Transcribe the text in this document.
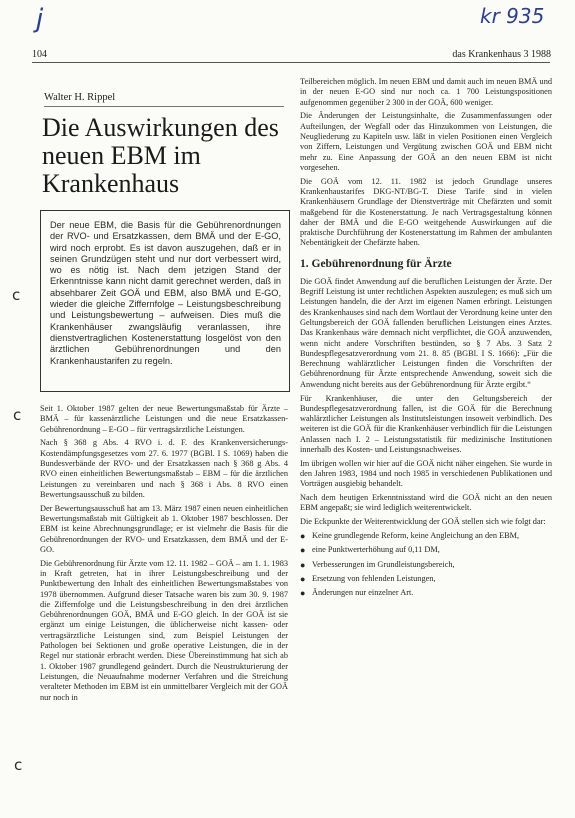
j	kr 935
104	das Krankenhaus 3 1988
Walter H. Rippel
Die Auswirkungen des neuen EBM im Krankenhaus
Der neue EBM, die Basis für die Gebührenordnungen der RVO- und Ersatzkassen, dem BMÄ und der E-GO, wird noch erprobt. Es ist davon auszugehen, daß er in seinen Grundzügen steht und nur dort verbessert wird, wo es nötig ist. Nach dem jetzigen Stand der Erkenntnisse kann nicht damit gerechnet werden, daß in absehbarer Zeit GOÄ und EBM, also BMÄ und E-GO, wieder die gleiche Ziffernfolge – Leistungsbeschreibung und Leistungsbewertung – aufweisen. Dies muß die Krankenhäuser zwangsläufig veranlassen, ihre dienstvertraglichen Kostenerstattung losgelöst von den ärztlichen Gebührenordnungen und den Krankenhaustarifen zu regeln.
c
c
c

Seit 1. Oktober 1987 gelten der neue Bewertungsmaßstab für Ärzte – BMÄ – für kassenärztliche Leistungen und die neue Ersatzkassen-Gebührenordnung – E-GO – für vertragsärztliche Leistungen.

Nach § 368 g Abs. 4 RVO i. d. F. des Krankenversicherungs-Kostendämpfungsgesetzes vom 27. 6. 1977 (BGBl. I S. 1069) haben die Bundesverbände der RVO- und der Ersatzkassen nach § 368 g Abs. 4 RVO einen einheitlichen Bewertungsmaßstab – EBM – für die ärztlichen Leistungen zu vereinbaren und nach § 368 i Abs. 8 RVO einen Bewertungsausschuß zu bilden.

Der Bewertungsausschuß hat am 13. März 1987 einen neuen einheitlichen Bewertungsmaßstab mit Gültigkeit ab 1. Oktober 1987 beschlossen. Der EBM ist keine Abrechnungsgrundlage; er ist vielmehr die Basis für die Gebührenordnungen der RVO- und Ersatzkassen, dem BMÄ und der E-GO.

Die Gebührenordnung für Ärzte vom 12. 11. 1982 – GOÄ – am 1. 1. 1983 in Kraft getreten, hat in ihrer Leistungsbeschreibung und der Punktbewertung den Inhalt des einheitlichen Bewertungsmaßstabes von 1978 übernommen. Aufgrund dieser Tatsache waren bis zum 30. 9. 1987 die Ziffernfolge und die Leistungsbeschreibung in den drei ärztlichen Gebührenordnungen GOÄ, BMÄ und E-GO gleich. In der GOÄ ist sie ergänzt um einige Leistungen, die üblicherweise nicht kassen- oder vertragsärztliche Leistungen sind, zum Beispiel Leistungen der Pathologen bei Sektionen und große operative Leistungen, die in der Regel nur stationär erbracht werden. Diese Übereinstimmung hat sich ab 1. Oktober 1987 grundlegend geändert. Durch die Neustrukturierung der Leistungen, die Neuaufnahme moderner Verfahren und die Streichung veralteter Methoden im EBM ist ein unmittelbarer Vergleich mit der GOÄ nur noch in

Teilbereichen möglich. Im neuen EBM und damit auch im neuen BMÄ und in der neuen E-GO sind nur noch ca. 1 700 Leistungspositionen aufgenommen gegenüber 2 300 in der GOÄ, 600 weniger.

Die Änderungen der Leistungsinhalte, die Zusammenfassungen oder Aufteilungen, der Wegfall oder das Hinzukommen von Leistungen, die Neugliederung zu Kapiteln usw. läßt in vielen Positionen einen Vergleich von Ziffern, Leistungen und Vergütung zwischen GOÄ und EBM nicht mehr zu. Eine Anpassung der GOÄ an den neuen EBM ist nicht vorgesehen.

Die GOÄ vom 12. 11. 1982 ist jedoch Grundlage unseres Krankenhaustarifes DKG-NT/BG-T. Diese Tarife sind in vielen Krankenhäusern Grundlage der Dienstverträge mit Chefärzten und somit maßgebend für die Kostenerstattung. Je nach Vertragsgestaltung können daher der BMÄ und die E-GO weitgehende Auswirkungen auf die praktische Durchführung der Kostenerstattung im Rahmen der ambulanten Nebentätigkeit der Chefärzte haben.

1. Gebührenordnung für Ärzte

Die GOÄ findet Anwendung auf die beruflichen Leistungen der Ärzte. Der Begriff Leistung ist unter rechtlichen Aspekten auszulegen; es muß sich um Leistungen handeln, die der Arzt im eigenen Namen erbringt. Leistungen des Krankenhauses sind nach dem Wortlaut der Verordnung keine unter den Geltungsbereich der GOÄ fallenden beruflichen Leistungen eines Arztes. Das Krankenhaus wäre demnach nicht verpflichtet, die GOÄ anzuwenden, wenn nicht andere Vorschriften bestünden, so § 7 Abs. 3 Satz 2 Bundespflegesatzverordnung vom 21. 8. 85 (BGBl. I S. 1666): „Für die Berechnung wahlärztlicher Leistungen finden die Vorschriften der Gebührenordnung für Ärzte entsprechende Anwendung, soweit sich die Anwendung nicht bereits aus der Gebührenordnung für Ärzte ergibt.“

Für Krankenhäuser, die unter den Geltungsbereich der Bundespflegesatzverordnung fallen, ist die GOÄ für die Berechnung wahlärztlicher Leistungen als Institutsleistungen insoweit verbindlich. Des weiteren ist die GOÄ für die Krankenhäuser verbindlich für die Leistungen Anlassen nach I. 2 – Leistungsstatistik für medizinische Institutionen innerhalb des Kosten- und Leistungsnachweises.

Im übrigen wollen wir hier auf die GOÄ nicht näher eingehen. Sie wurde in den Jahren 1983, 1984 und noch 1985 in verschiedenen Publikationen und Vorträgen ausgiebig behandelt.

Nach dem heutigen Erkenntnisstand wird die GOÄ nicht an den neuen EBM angepaßt; sie wird lediglich weiterentwickelt.

Die Eckpunkte der Weiterentwicklung der GOÄ stellen sich wie folgt dar:

● Keine grundlegende Reform, keine Angleichung an den EBM,
● eine Punktwerterhöhung auf 0,11 DM,
● Verbesserungen im Grundleistungsbereich,
● Ersetzung von fehlenden Leistungen,
● Änderungen nur einzelner Art.
